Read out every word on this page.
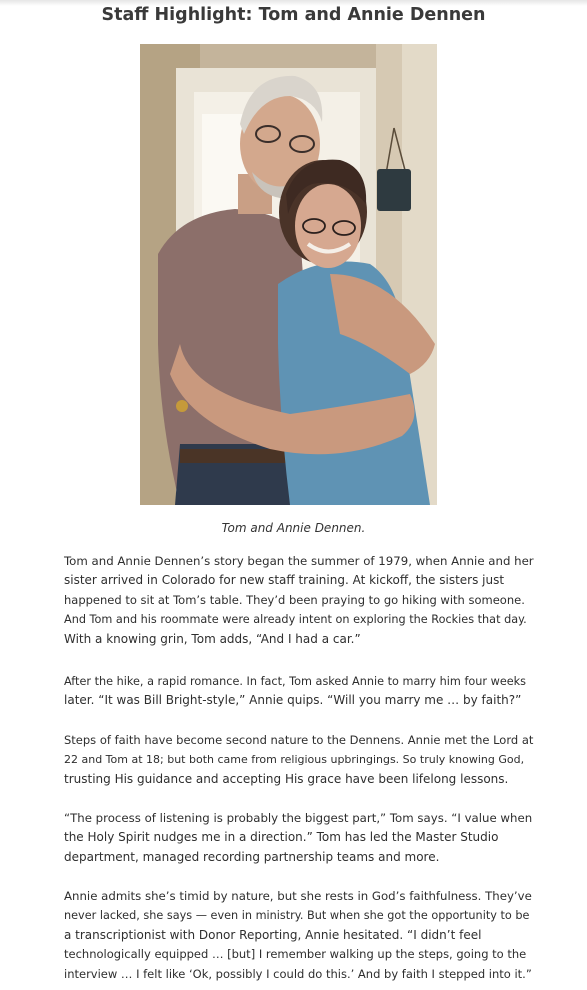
Staff Highlight: Tom and Annie Dennen
Tom and Annie Dennen.
Tom and Annie Dennen’s story began the summer of 1979, when Annie and her
sister arrived in Colorado for new staff training. At kickoff, the sisters just
happened to sit at Tom’s table. They’d been praying to go hiking with someone.
And Tom and his roommate were already intent on exploring the Rockies that day.
With a knowing grin, Tom adds, “And I had a car.”
After the hike, a rapid romance. In fact, Tom asked Annie to marry him four weeks
later. “It was Bill Bright-style,” Annie quips. “Will you marry me … by faith?”
Steps of faith have become second nature to the Dennens. Annie met the Lord at
22 and Tom at 18; but both came from religious upbringings. So truly knowing God,
trusting His guidance and accepting His grace have been lifelong lessons.
“The process of listening is probably the biggest part,” Tom says. “I value when
the Holy Spirit nudges me in a direction.” Tom has led the Master Studio
department, managed recording partnership teams and more.
Annie admits she’s timid by nature, but she rests in God’s faithfulness. They’ve
never lacked, she says — even in ministry. But when she got the opportunity to be
a transcriptionist with Donor Reporting, Annie hesitated. “I didn’t feel
technologically equipped … [but] I remember walking up the steps, going to the
interview … I felt like ‘Ok, possibly I could do this.’ And by faith I stepped into it.”
